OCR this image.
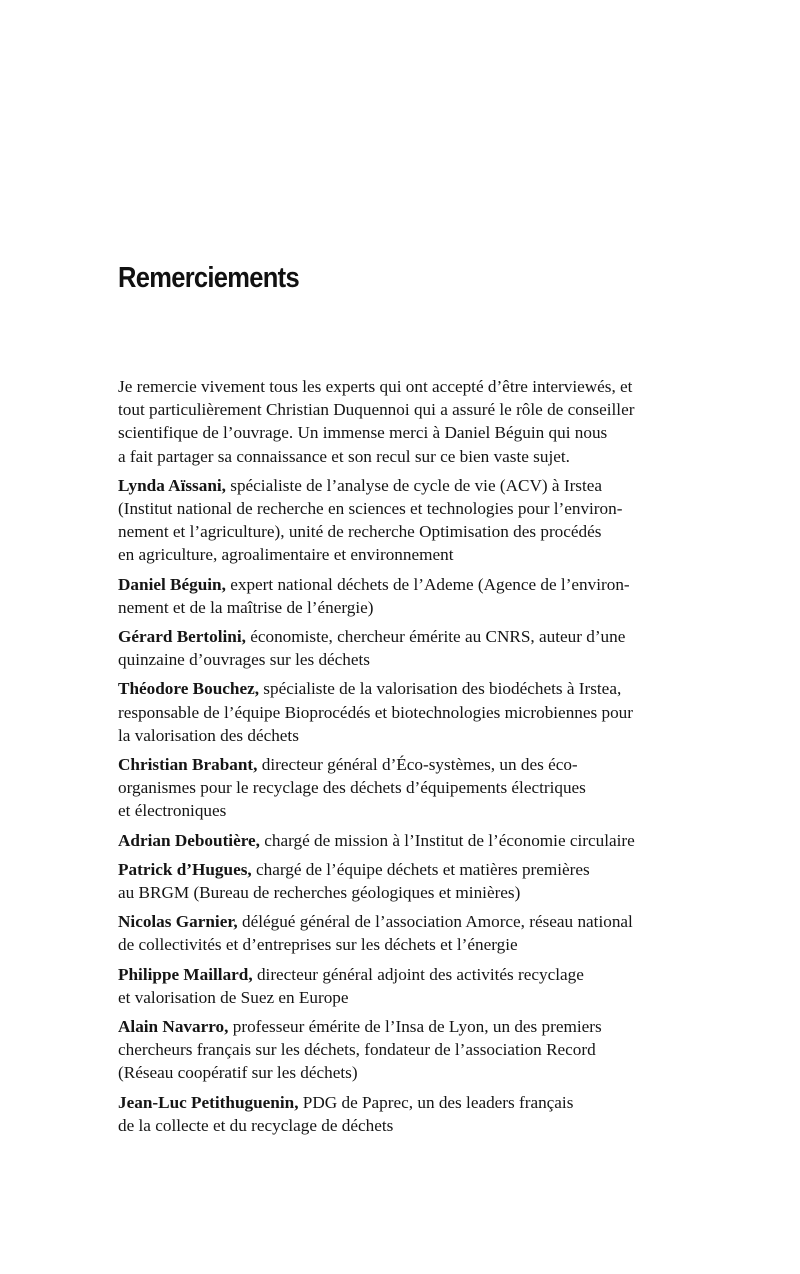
Remerciements

Je remercie vivement tous les experts qui ont accepté d’être interviewés, et
tout particulièrement Christian Duquennoi qui a assuré le rôle de conseiller
scientifique de l’ouvrage. Un immense merci à Daniel Béguin qui nous
a fait partager sa connaissance et son recul sur ce bien vaste sujet.

Lynda Aïssani, spécialiste de l’analyse de cycle de vie (ACV) à Irstea
(Institut national de recherche en sciences et technologies pour l’environ-
nement et l’agriculture), unité de recherche Optimisation des procédés
en agriculture, agroalimentaire et environnement

Daniel Béguin, expert national déchets de l’Ademe (Agence de l’environ-
nement et de la maîtrise de l’énergie)

Gérard Bertolini, économiste, chercheur émérite au CNRS, auteur d’une
quinzaine d’ouvrages sur les déchets

Théodore Bouchez, spécialiste de la valorisation des biodéchets à Irstea,
responsable de l’équipe Bioprocédés et biotechnologies microbiennes pour
la valorisation des déchets

Christian Brabant, directeur général d’Éco-systèmes, un des éco-
organismes pour le recyclage des déchets d’équipements électriques
et électroniques

Adrian Deboutière, chargé de mission à l’Institut de l’économie circulaire

Patrick d’Hugues, chargé de l’équipe déchets et matières premières
au BRGM (Bureau de recherches géologiques et minières)

Nicolas Garnier, délégué général de l’association Amorce, réseau national
de collectivités et d’entreprises sur les déchets et l’énergie

Philippe Maillard, directeur général adjoint des activités recyclage
et valorisation de Suez en Europe

Alain Navarro, professeur émérite de l’Insa de Lyon, un des premiers
chercheurs français sur les déchets, fondateur de l’association Record
(Réseau coopératif sur les déchets)

Jean-Luc Petithuguenin, PDG de Paprec, un des leaders français
de la collecte et du recyclage de déchets
